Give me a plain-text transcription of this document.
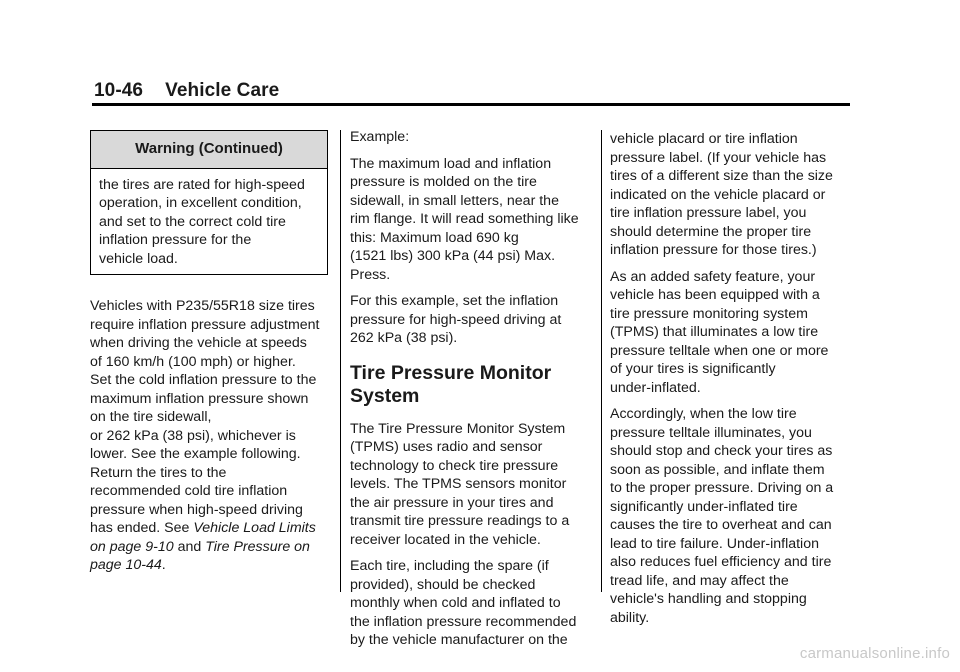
10-46 Vehicle Care
Warning (Continued)
the tires are rated for high-speed
operation, in excellent condition,
and set to the correct cold tire
inflation pressure for the
vehicle load.

Vehicles with P235/55R18 size tires
require inflation pressure adjustment
when driving the vehicle at speeds
of 160 km/h (100 mph) or higher.
Set the cold inflation pressure to the
maximum inflation pressure shown
on the tire sidewall,
or 262 kPa (38 psi), whichever is
lower. See the example following.
Return the tires to the
recommended cold tire inflation
pressure when high-speed driving
has ended. See Vehicle Load Limits
on page 9-10 and Tire Pressure on
page 10-44.

Example:

The maximum load and inflation
pressure is molded on the tire
sidewall, in small letters, near the
rim flange. It will read something like
this: Maximum load 690 kg
(1521 lbs) 300 kPa (44 psi) Max.
Press.

For this example, set the inflation
pressure for high-speed driving at
262 kPa (38 psi).

Tire Pressure Monitor
System

The Tire Pressure Monitor System
(TPMS) uses radio and sensor
technology to check tire pressure
levels. The TPMS sensors monitor
the air pressure in your tires and
transmit tire pressure readings to a
receiver located in the vehicle.

Each tire, including the spare (if
provided), should be checked
monthly when cold and inflated to
the inflation pressure recommended
by the vehicle manufacturer on the

vehicle placard or tire inflation
pressure label. (If your vehicle has
tires of a different size than the size
indicated on the vehicle placard or
tire inflation pressure label, you
should determine the proper tire
inflation pressure for those tires.)

As an added safety feature, your
vehicle has been equipped with a
tire pressure monitoring system
(TPMS) that illuminates a low tire
pressure telltale when one or more
of your tires is significantly
under-inflated.

Accordingly, when the low tire
pressure telltale illuminates, you
should stop and check your tires as
soon as possible, and inflate them
to the proper pressure. Driving on a
significantly under-inflated tire
causes the tire to overheat and can
lead to tire failure. Under-inflation
also reduces fuel efficiency and tire
tread life, and may affect the
vehicle's handling and stopping
ability.

carmanualsonline.info
